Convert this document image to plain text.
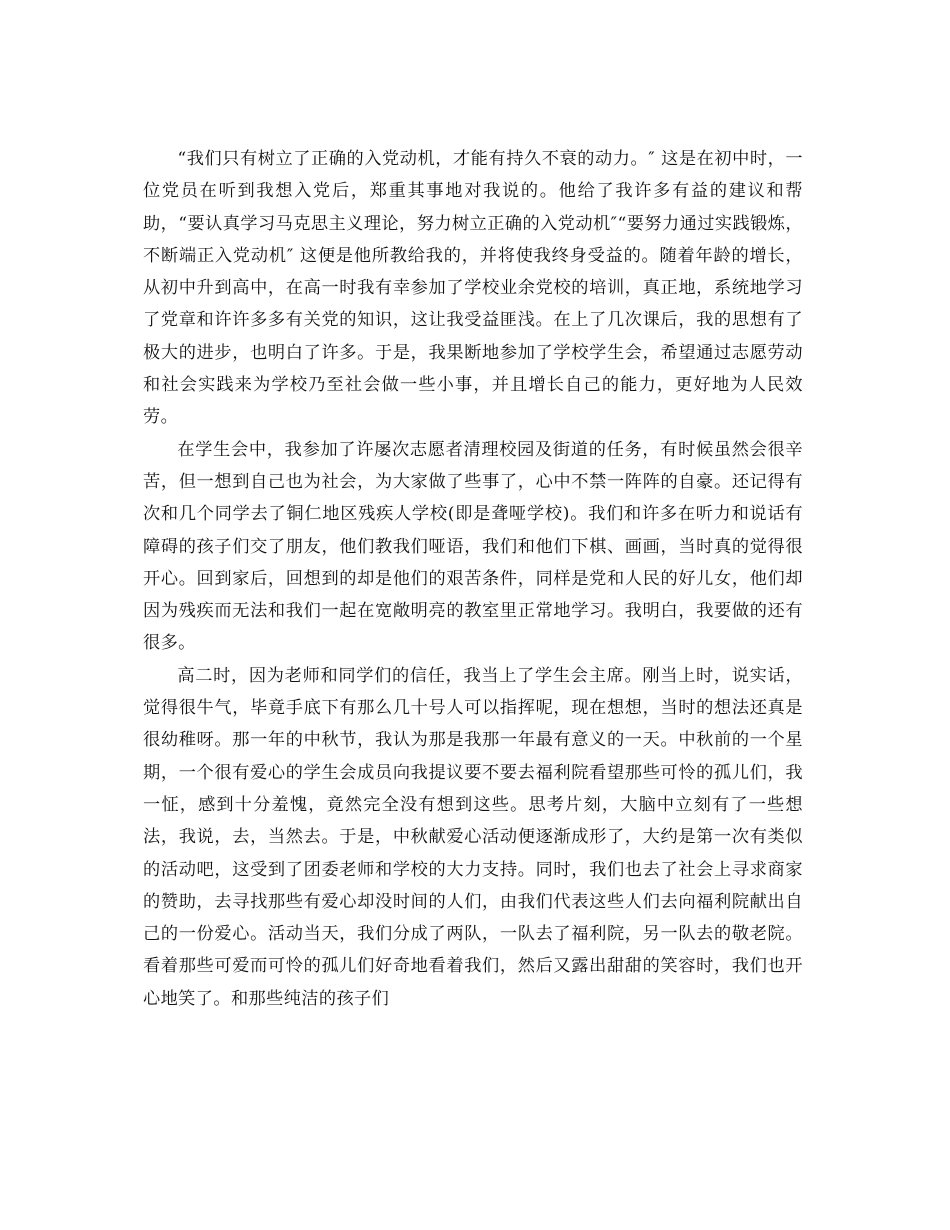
“我们只有树立了正确的入党动机，才能有持久不衰的动力。″ 这是在初中时，一位党员在听到我想入党后，郑重其事地对我说的。他给了我许多有益的建议和帮助，“要认真学习马克思主义理论，努力树立正确的入党动机″“要努力通过实践锻炼，不断端正入党动机″ 这便是他所教给我的，并将使我终身受益的。随着年龄的增长，从初中升到高中，在高一时我有幸参加了学校业余党校的培训，真正地，系统地学习了党章和许许多多有关党的知识，这让我受益匪浅。在上了几次课后，我的思想有了极大的进步，也明白了许多。于是，我果断地参加了学校学生会，希望通过志愿劳动和社会实践来为学校乃至社会做一些小事，并且增长自己的能力，更好地为人民效劳。

在学生会中，我参加了许屡次志愿者清理校园及街道的任务，有时候虽然会很辛苦，但一想到自己也为社会，为大家做了些事了，心中不禁一阵阵的自豪。还记得有次和几个同学去了铜仁地区残疾人学校(即是聋哑学校)。我们和许多在听力和说话有障碍的孩子们交了朋友，他们教我们哑语，我们和他们下棋、画画，当时真的觉得很开心。回到家后，回想到的却是他们的艰苦条件，同样是党和人民的好儿女，他们却因为残疾而无法和我们一起在宽敞明亮的教室里正常地学习。我明白，我要做的还有很多。

高二时，因为老师和同学们的信任，我当上了学生会主席。刚当上时，说实话，觉得很牛气，毕竟手底下有那么几十号人可以指挥呢，现在想想，当时的想法还真是很幼稚呀。那一年的中秋节，我认为那是我那一年最有意义的一天。中秋前的一个星期，一个很有爱心的学生会成员向我提议要不要去福利院看望那些可怜的孤儿们，我一怔，感到十分羞愧，竟然完全没有想到这些。思考片刻，大脑中立刻有了一些想法，我说，去，当然去。于是，中秋献爱心活动便逐渐成形了，大约是第一次有类似的活动吧，这受到了团委老师和学校的大力支持。同时，我们也去了社会上寻求商家的赞助，去寻找那些有爱心却没时间的人们，由我们代表这些人们去向福利院献出自己的一份爱心。活动当天，我们分成了两队，一队去了福利院，另一队去的敬老院。看着那些可爱而可怜的孤儿们好奇地看着我们，然后又露出甜甜的笑容时，我们也开心地笑了。和那些纯洁的孩子们
